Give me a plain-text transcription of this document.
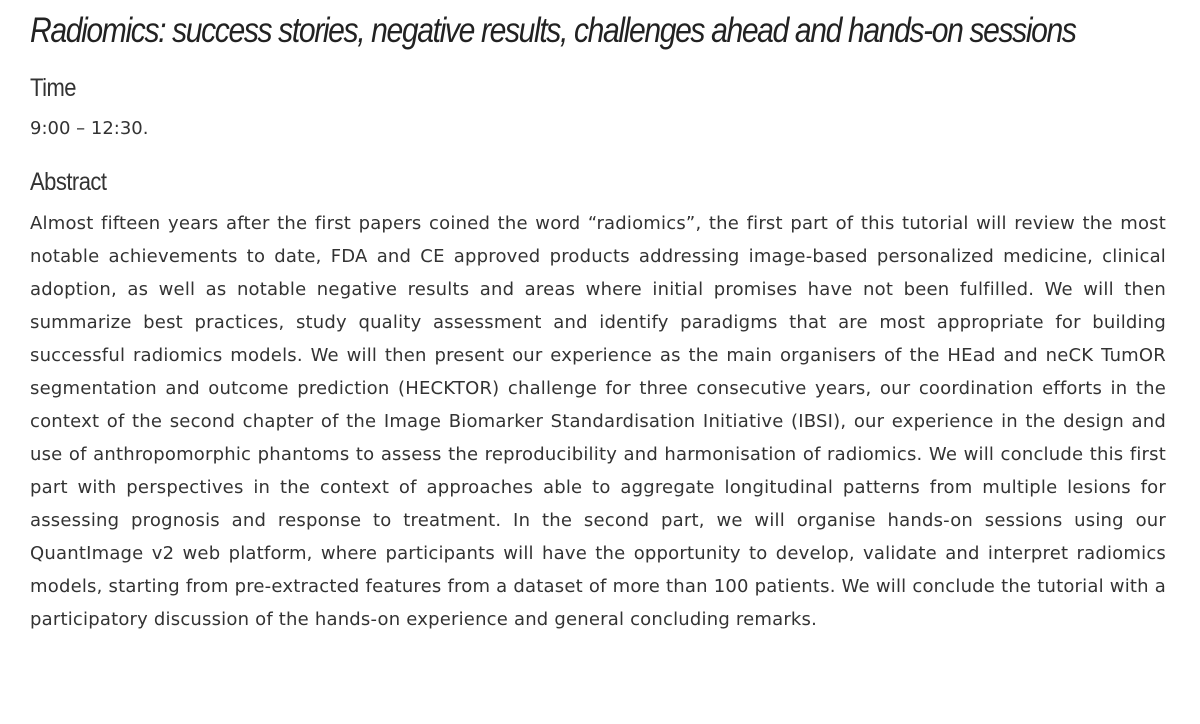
Radiomics: success stories, negative results, challenges ahead and hands-on sessions
Time

9:00 – 12:30.

Abstract

Almost fifteen years after the first papers coined the word “radiomics”, the first part of this tutorial will review the most notable achievements to date, FDA and CE approved products addressing image-based personalized medicine, clinical adoption, as well as notable negative results and areas where initial promises have not been fulfilled. We will then summarize best practices, study quality assessment and identify paradigms that are most appropriate for building successful radiomics models. We will then present our experience as the main organisers of the HEad and neCK TumOR segmentation and outcome prediction (HECKTOR) challenge for three consecutive years, our coordination efforts in the context of the second chapter of the Image Biomarker Standardisation Initiative (IBSI), our experience in the design and use of anthropomorphic phantoms to assess the reproducibility and harmonisation of radiomics. We will conclude this first part with perspectives in the context of approaches able to aggregate longitudinal patterns from multiple lesions for assessing prognosis and response to treatment. In the second part, we will organise hands-on sessions using our QuantImage v2 web platform, where participants will have the opportunity to develop, validate and interpret radiomics models, starting from pre-extracted features from a dataset of more than 100 patients. We will conclude the tutorial with a participatory discussion of the hands-on experience and general concluding remarks.
